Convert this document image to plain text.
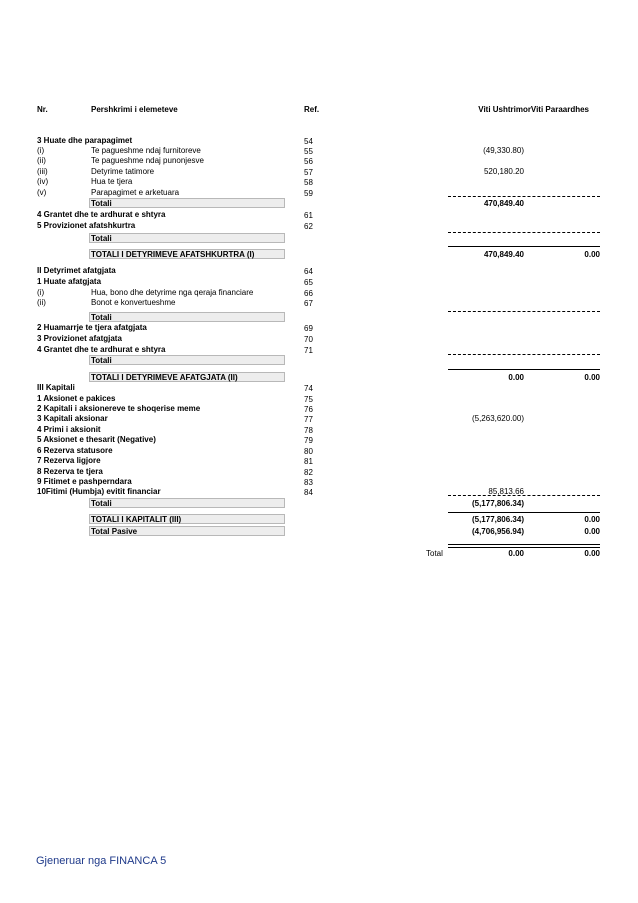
Nr.	Pershkrimi i elemeteve	Ref.	Viti Ushtrimor Viti Paraardhes
3 Huate dhe parapagimet	54
(i)	Te pagueshme ndaj furnitoreve	55	(49,330.80)
(ii)	Te pagueshme ndaj punonjesve	56
(iii)	Detyrime tatimore	57	520,180.20
(iv)	Hua te tjera	58
(v)	Parapagimet e arketuara	59
Totali	470,849.40
4 Grantet dhe te ardhurat e shtyra	61
5 Provizionet afatshkurtra	62
Totali
TOTALI I DETYRIMEVE AFATSHKURTRA (I)	470,849.40	0.00
II Detyrimet afatgjata	64
1 Huate afatgjata	65
(i)	Hua, bono dhe detyrime nga qeraja financiare	66
(ii)	Bonot e konvertueshme	67
Totali
2 Huamarrje te tjera afatgjata	69
3 Provizionet afatgjata	70
4 Grantet dhe te ardhurat e shtyra	71
Totali
TOTALI I DETYRIMEVE AFATGJATA (II)	0.00	0.00
III Kapitali	74
1 Aksionet e pakices	75
2 Kapitali i aksionereve te shoqerise meme	76
3 Kapitali aksionar	77	(5,263,620.00)
4 Primi i aksionit	78
5 Aksionet e thesarit (Negative)	79
6 Rezerva statusore	80
7 Rezerva ligjore	81
8 Rezerva te tjera	82
9 Fitimet e pashperndara	83
10Fitimi (Humbja) evitit financiar	84	85,813.66
Totali	(5,177,806.34)
TOTALI I KAPITALIT (III)	(5,177,806.34)	0.00
Total Pasive	(4,706,956.94)	0.00
Total	0.00	0.00
Gjeneruar nga FINANCA 5
